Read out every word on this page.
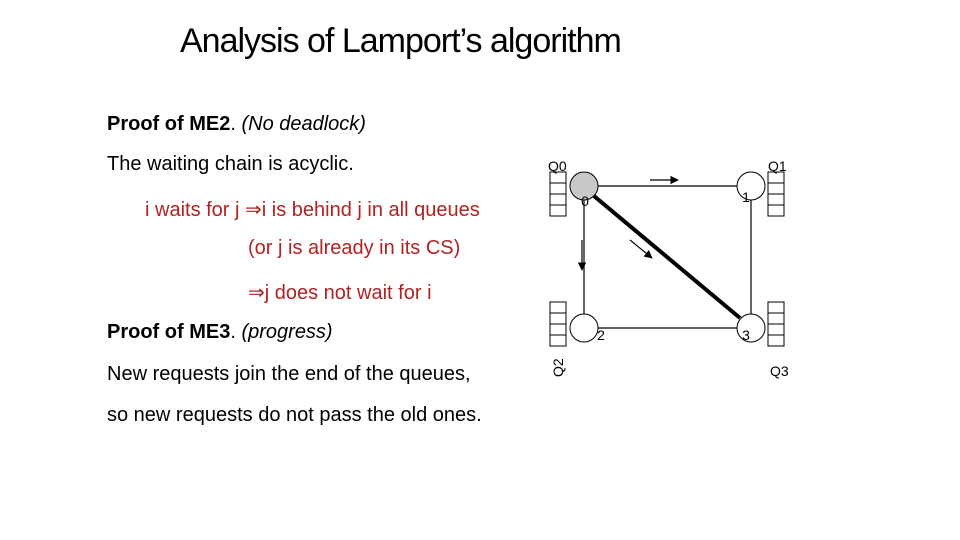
Analysis of Lamport’s algorithm
Proof of ME2. (No deadlock)
The waiting chain is acyclic.
i waits for j ⇒i is behind j in all queues
(or j is already in its CS)
⇒j does not wait for i
Proof of ME3. (progress)
New requests join the end of the queues,
so new requests do not pass the old ones.
Q0	Q1
Q2	Q3
0	1
2	3
